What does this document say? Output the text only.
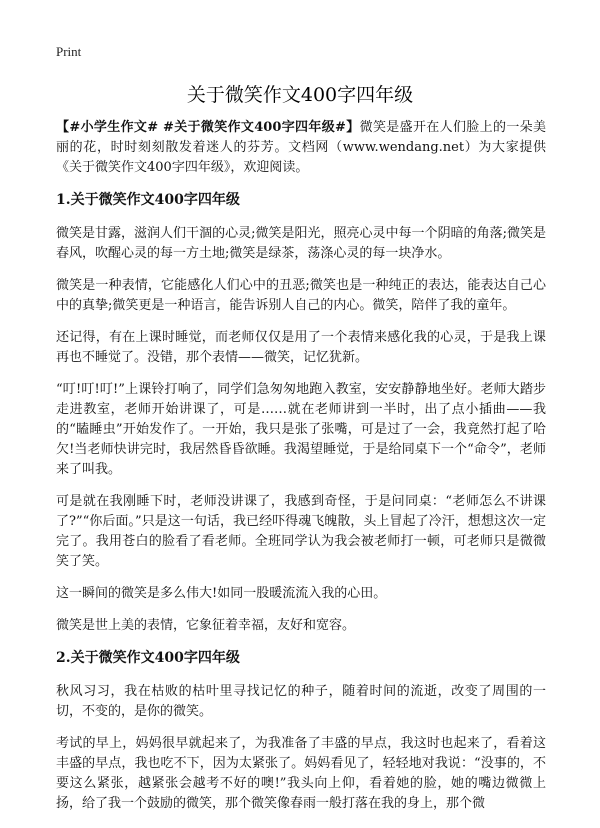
Print
关于微笑作文400字四年级

【#小学生作文# #关于微笑作文400字四年级#】微笑是盛开在人们脸上的一朵美丽的花，时时刻刻散发着迷人的芬芳。文档网（www.wendang.net）为大家提供《关于微笑作文400字四年级》，欢迎阅读。

1.关于微笑作文400字四年级

微笑是甘露，滋润人们干涸的心灵;微笑是阳光，照亮心灵中每一个阴暗的角落;微笑是春风，吹醒心灵的每一方土地;微笑是绿茶，荡涤心灵的每一块净水。

微笑是一种表情，它能感化人们心中的丑恶;微笑也是一种纯正的表达，能表达自己心中的真挚;微笑更是一种语言，能告诉别人自己的内心。微笑，陪伴了我的童年。

还记得，有在上课时睡觉，而老师仅仅是用了一个表情来感化我的心灵，于是我上课再也不睡觉了。没错，那个表情——微笑，记忆犹新。

“叮!叮!叮!”上课铃打响了，同学们急匆匆地跑入教室，安安静静地坐好。老师大踏步走进教室，老师开始讲课了，可是……就在老师讲到一半时，出了点小插曲——我的“瞌睡虫”开始发作了。一开始，我只是张了张嘴，可是过了一会，我竟然打起了哈欠!当老师快讲完时，我居然昏昏欲睡。我渴望睡觉，于是给同桌下一个“命令”，老师来了叫我。

可是就在我刚睡下时，老师没讲课了，我感到奇怪，于是问同桌：“老师怎么不讲课了?”“你后面。”只是这一句话，我已经吓得魂飞魄散，头上冒起了冷汗，想想这次一定完了。我用苍白的脸看了看老师。全班同学认为我会被老师打一顿，可老师只是微微笑了笑。

这一瞬间的微笑是多么伟大!如同一股暖流流入我的心田。

微笑是世上美的表情，它象征着幸福，友好和宽容。

2.关于微笑作文400字四年级

秋风习习，我在枯败的枯叶里寻找记忆的种子，随着时间的流逝，改变了周围的一切，不变的，是你的微笑。

考试的早上，妈妈很早就起来了，为我准备了丰盛的早点，我这时也起来了，看着这丰盛的早点，我也吃不下，因为太紧张了。妈妈看见了，轻轻地对我说：“没事的，不要这么紧张，越紧张会越考不好的噢!”我头向上仰，看着她的脸，她的嘴边微微上扬，给了我一个鼓励的微笑，那个微笑像春雨一般打落在我的身上，那个微
